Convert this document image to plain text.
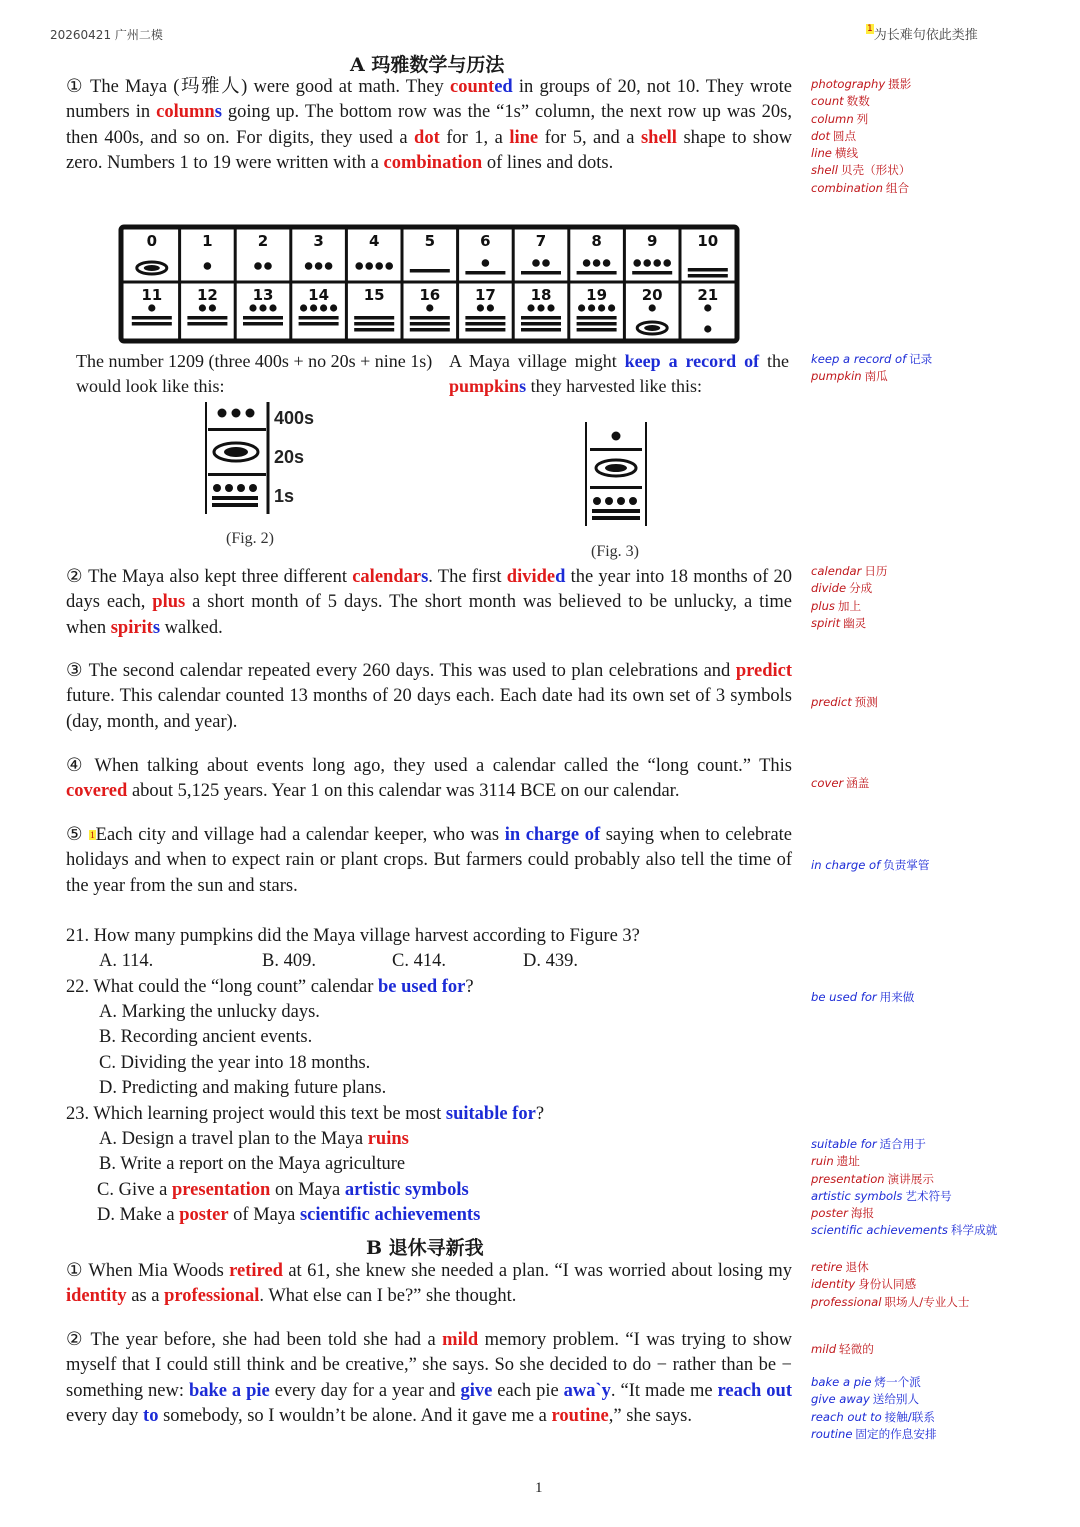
20260421 广州二模	$^1$为长难句依此类推
A 玛雅数学与历法
① The Maya (玛雅人) were good at math. They counted in groups of 20, not 10. They wrote numbers in columns going up. The bottom row was the “1s” column, the next row up was 20s, then 400s, and so on. For digits, they used a dot for 1, a line for 5, and a shell shape to show zero. Numbers 1 to 19 were written with a combination of lines and dots.
photography 摄影
count 数数
column 列
dot 圆点
line 横线
shell 贝壳（形状）
combination 组合
0	1	2	3	4	5	6	7	8	9	10
11 12 13 14 15 16 17 18 19 20 21
The number 1209 (three 400s + no 20s + nine 1s) would look like this:
A Maya village might keep a record of the pumpkins they harvested like this:
keep a record of 记录
pumpkin 南瓜
400s
20s
1s
(Fig. 2)
(Fig. 3)
② The Maya also kept three different calendars. The first divided the year into 18 months of 20 days each, plus a short month of 5 days. The short month was believed to be unlucky, a time when spirits walked.
calendar 日历
divide 分成
plus 加上
spirit 幽灵
③ The second calendar repeated every 260 days. This was used to plan celebrations and predict future. This calendar counted 13 months of 20 days each. Each date had its own set of 3 symbols (day, month, and year).
predict 预测
④ When talking about events long ago, they used a calendar called the “long count.” This covered about 5,125 years. Year 1 on this calendar was 3114 BCE on our calendar.	cover 涵盖
⑤ $^1$Each city and village had a calendar keeper, who was in charge of saying when to celebrate holidays and when to expect rain or plant crops. But farmers could probably also tell the time of the year from the sun and stars.
in charge of 负责掌管
21. How many pumpkins did the Maya village harvest according to Figure 3?
A. 114.	B. 409.	C. 414.	D. 439.
22. What could the “long count” calendar be used for?
A. Marking the unlucky days.
B. Recording ancient events.
C. Dividing the year into 18 months.
D. Predicting and making future plans.
be used for 用来做
23. Which learning project would this text be most suitable for?
A. Design a travel plan to the Maya ruins
B. Write a report on the Maya agriculture
C. Give a presentation on Maya artistic symbols
D. Make a poster of Maya scientific achievements
suitable for 适合用于
ruin 遗址
presentation 演讲展示
artistic symbols 艺术符号
poster 海报
scientific achievements 科学成就
B 退休寻新我
① When Mia Woods retired at 61, she knew she needed a plan. “I was worried about losing my identity as a professional. What else can I be?” she thought.
retire 退休
identity 身份认同感
professional 职场人/专业人士
② The year before, she had been told she had a mild memory problem. “I was trying to show myself that I could still think and be creative,” she says. So she decided to do − rather than be − something new: bake a pie every day for a year and give each pie awa`y. “It made me reach out every day to somebody, so I wouldn’t be alone. And it gave me a routine,” she says.
mild 轻微的
bake a pie 烤一个派
give away 送给别人
reach out to 接触/联系
routine 固定的作息安排
1
